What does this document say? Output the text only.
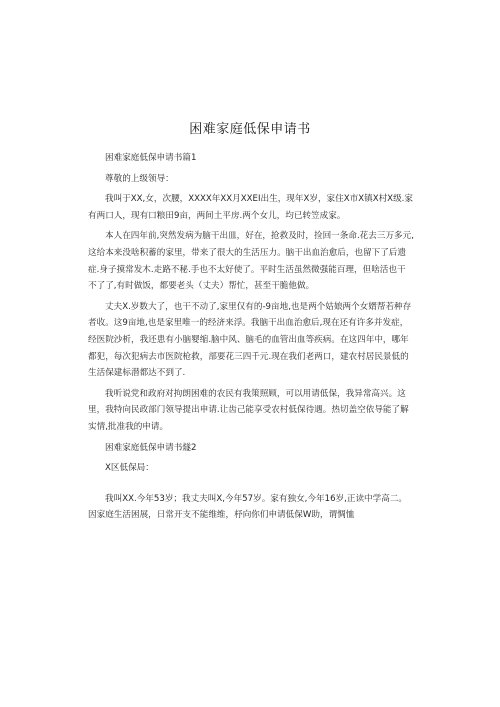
困难家庭低保申请书

困难家庭低保申请书篇1

尊敬的上级领导：

我叫于XX,女，次腰，XXXX年XX月XXEI出生，现年X岁，家住X市X镇X村X级.家有两口人，现有口粮田9亩，两间土平房.两个女儿，均已转笠成家。

本人在四年前,突然发病为脑干出皿，好在，抢救及时，捡回一条命.花去三万多元,这给本来没啥积蓄的家里，带来了很大的生活压力。脑干出血治愈后，也留下了后遗症.身子摸常发木.走路不秘.手也不太好使了。平时生活虽然微强能百理，但啥活也干不了了,有时做饭，都要老头（丈夫）帮忙，甚至干脆他做。

丈夫X.岁数大了，也干不动了,家里仅有的-9亩地,也是两个姑娘两个女婿帮若种存者收。这9亩地,也是家里唯一的经济来浮。我脑干出血治愈后,现在还有许多并发症，经医院沙析，我还患有小脑婴缩.脑中风、脑毛的血管出血等疾病。在这四年中，哪年都犯，每次犯病去市医院枪救，部要花三四千元.现在我们老两口，建农村居民景低的生活保建标潜都达不到了.

我听说党和政府对拘朗困难的农民有我策照顾，可以用请低保，我异常高兴。这里，我特向民政部门领导提出申请.让齿己能享受农村低保待遇。热切盖空依导能了解实情,批准我的申请。

困难家庭低保申请书燧2

X区低保局：

我叫XX.今年53岁；我丈夫叫X,今年57岁。家有独女,今年16岁,正读中学高二。因家庭生活困展，日常开支不能维维，杼向你们申请低保W助，谓惆恤
